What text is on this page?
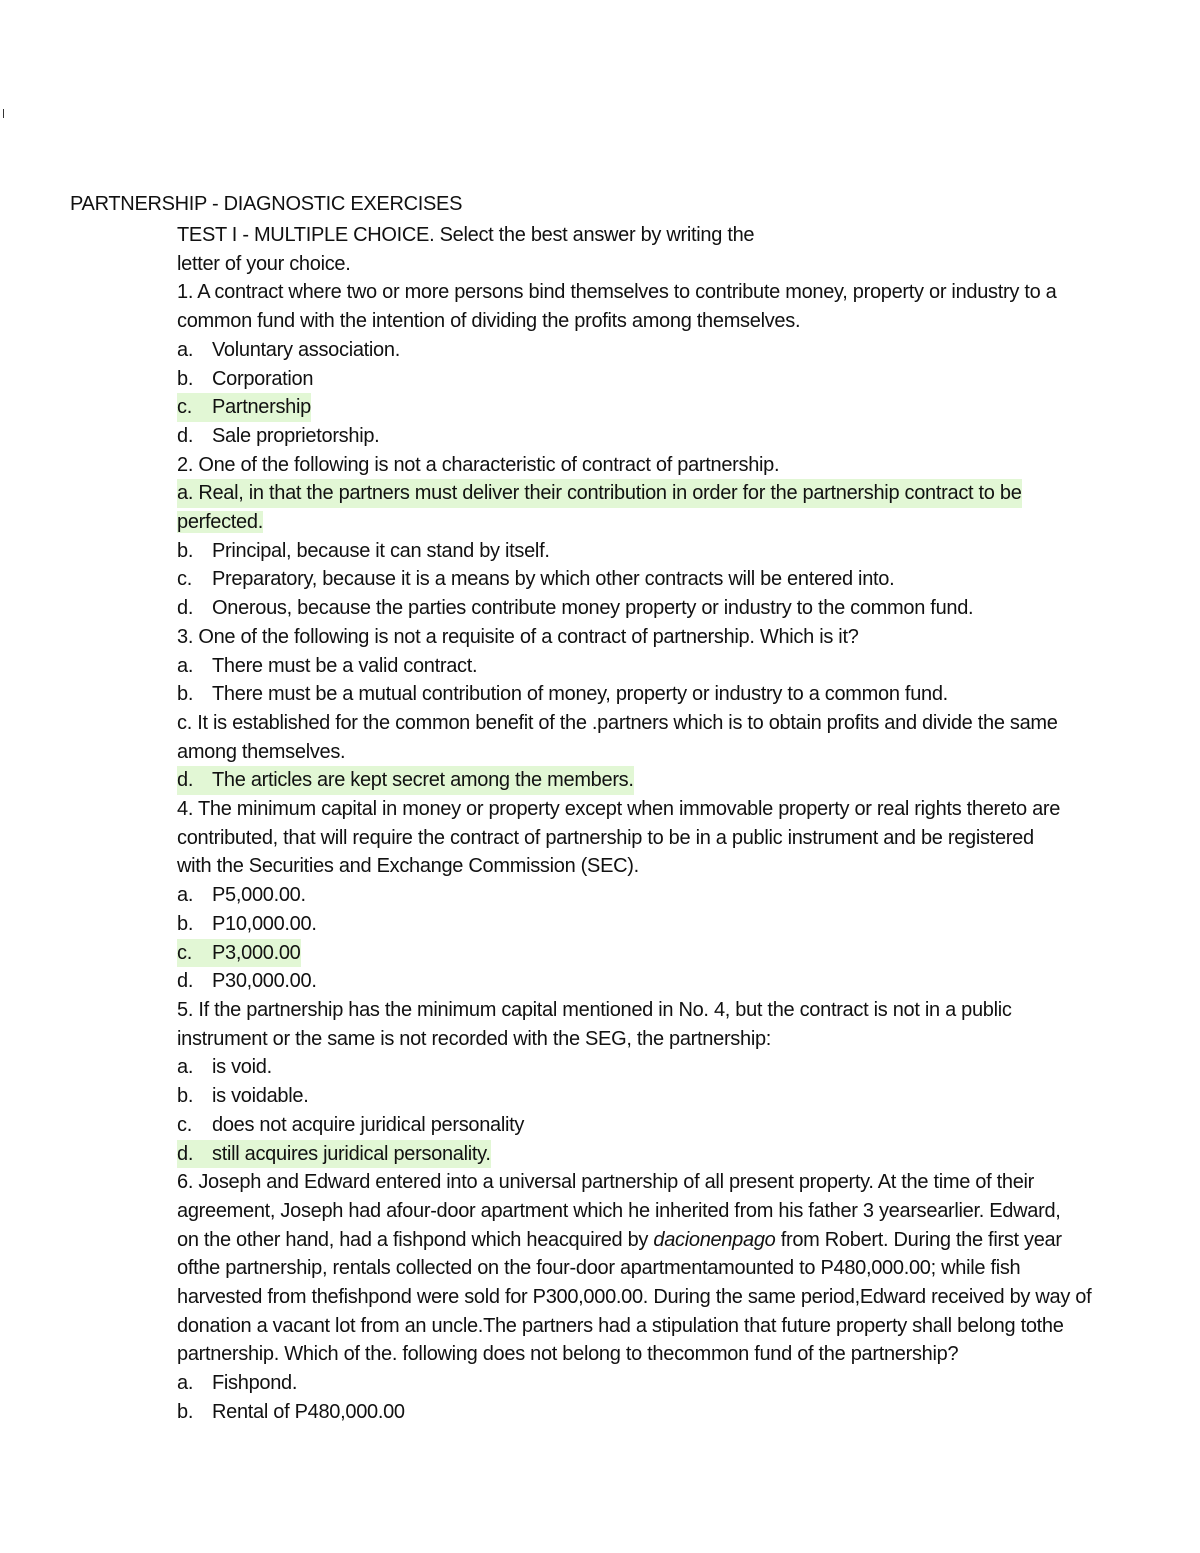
PARTNERSHIP - DIAGNOSTIC EXERCISES
TEST I - MULTIPLE CHOICE. Select the best answer by writing the
letter of your choice.
1. A contract where two or more persons bind themselves to contribute money, property or industry to a
common fund with the intention of dividing the profits among themselves.
a. Voluntary association.
b. Corporation
c.	Partnership
d. Sale proprietorship.
2. One of the following is not a characteristic of contract of partnership.
a. Real, in that the partners must deliver their contribution in order for the partnership contract to be
perfected.
b. Principal, because it can stand by itself.
c.	Preparatory, because it is a means by which other contracts will be entered into.
d. Onerous, because the parties contribute money property or industry to the common fund.
3. One of the following is not a requisite of a contract of partnership. Which is it?
a. There must be a valid contract.
b. There must be a mutual contribution of money, property or industry to a common fund.
c. It is established for the common benefit of the .partners which is to obtain profits and divide the same
among themselves.
d. The articles are kept secret among the members.
4. The minimum capital in money or property except when immovable property or real rights thereto are
contributed, that will require the contract of partnership to be in a public instrument and be registered
with the Securities and Exchange Commission (SEC).
a. P5,000.00.
b. P10,000.00.
c.	P3,000.00
d. P30,000.00.
5. If the partnership has the minimum capital mentioned in No. 4, but the contract is not in a public
instrument or the same is not recorded with the SEG, the partnership:
a. is void.
b. is voidable.
c.	does not acquire juridical personality
d. still acquires juridical personality.
6. Joseph and Edward entered into a universal partnership of all present property. At the time of their
agreement, Joseph had afour-door apartment which he inherited from his father 3 yearsearlier. Edward,
on the other hand, had a fishpond which heacquired by dacionenpago from Robert. During the first year
ofthe partnership, rentals collected on the four-door apartmentamounted to P480,000.00; while fish
harvested from thefishpond were sold for P300,000.00. During the same period,Edward received by way of
donation a vacant lot from an uncle.The partners had a stipulation that future property shall belong tothe
partnership. Which of the. following does not belong to thecommon fund of the partnership?
a. Fishpond.
b. Rental of P480,000.00
